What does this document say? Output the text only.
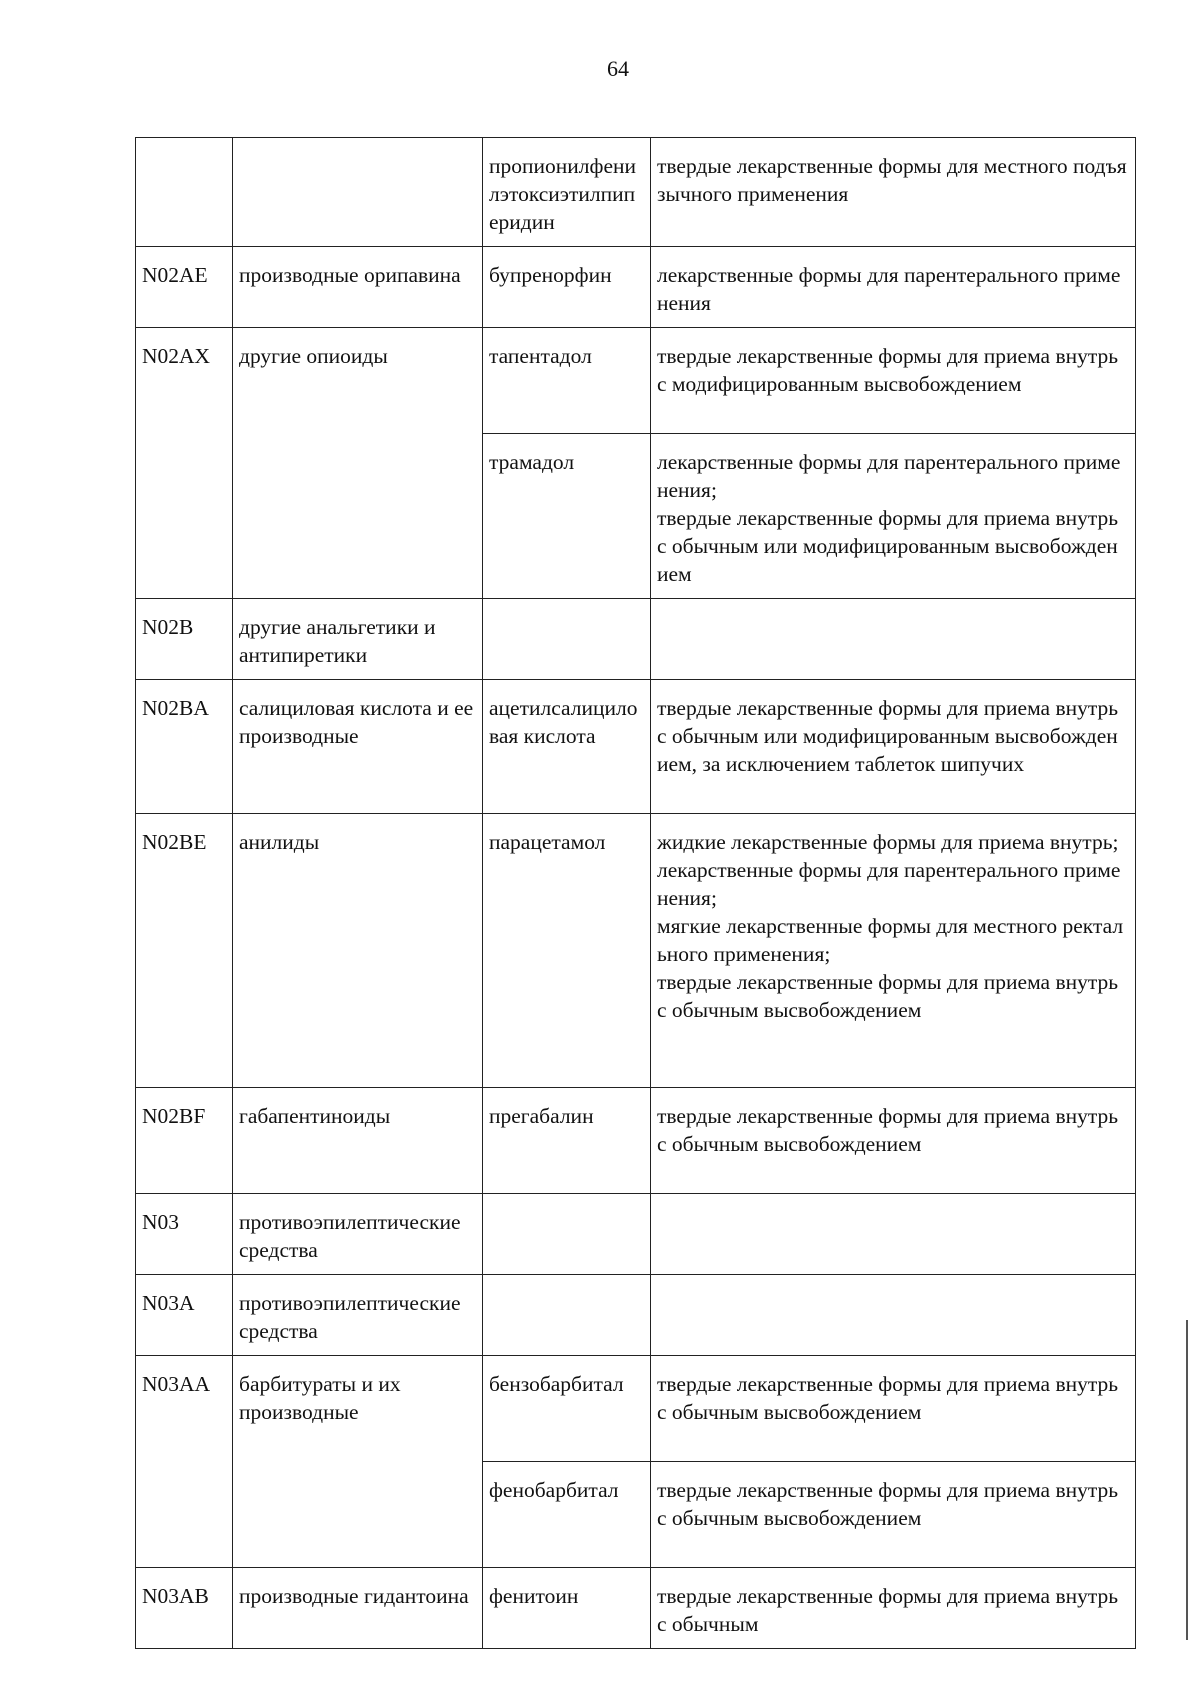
64
		пропионилфенилэтоксиэтилпиперидин	твердые лекарственные формы для местного подъязычного применения

N02AE	производные орипавина	бупренорфин	лекарственные формы для парентерального применения

N02AX	другие опиоиды	тапентадол	твердые лекарственные формы для приема внутрь с модифицированным высвобождением

		трамадол	лекарственные формы для парентерального применения;
твердые лекарственные формы для приема внутрь с обычным или модифицированным высвобождением

N02B	другие анальгетики и антипиретики		
N02BA	салициловая кислота и ее производные	ацетилсалициловая кислота	твердые лекарственные формы для приема внутрь с обычным или модифицированным высвобождением, за исключением таблеток шипучих

N02BE	анилиды	парацетамол	жидкие лекарственные формы для приема внутрь;
лекарственные формы для парентерального применения;
мягкие лекарственные формы для местного ректального применения;
твердые лекарственные формы для приема внутрь с обычным высвобождением

N02BF	габапентиноиды	прегабалин	твердые лекарственные формы для приема внутрь с обычным высвобождением

N03	противоэпилептические средства		
N03A	противоэпилептические средства		
N03AA	барбитураты и их производные	бензобарбитал	твердые лекарственные формы для приема внутрь с обычным высвобождением

		фенобарбитал	твердые лекарственные формы для приема внутрь с обычным высвобождением

N03AB	производные гидантоина	фенитоин	твердые лекарственные формы для приема внутрь с обычным
